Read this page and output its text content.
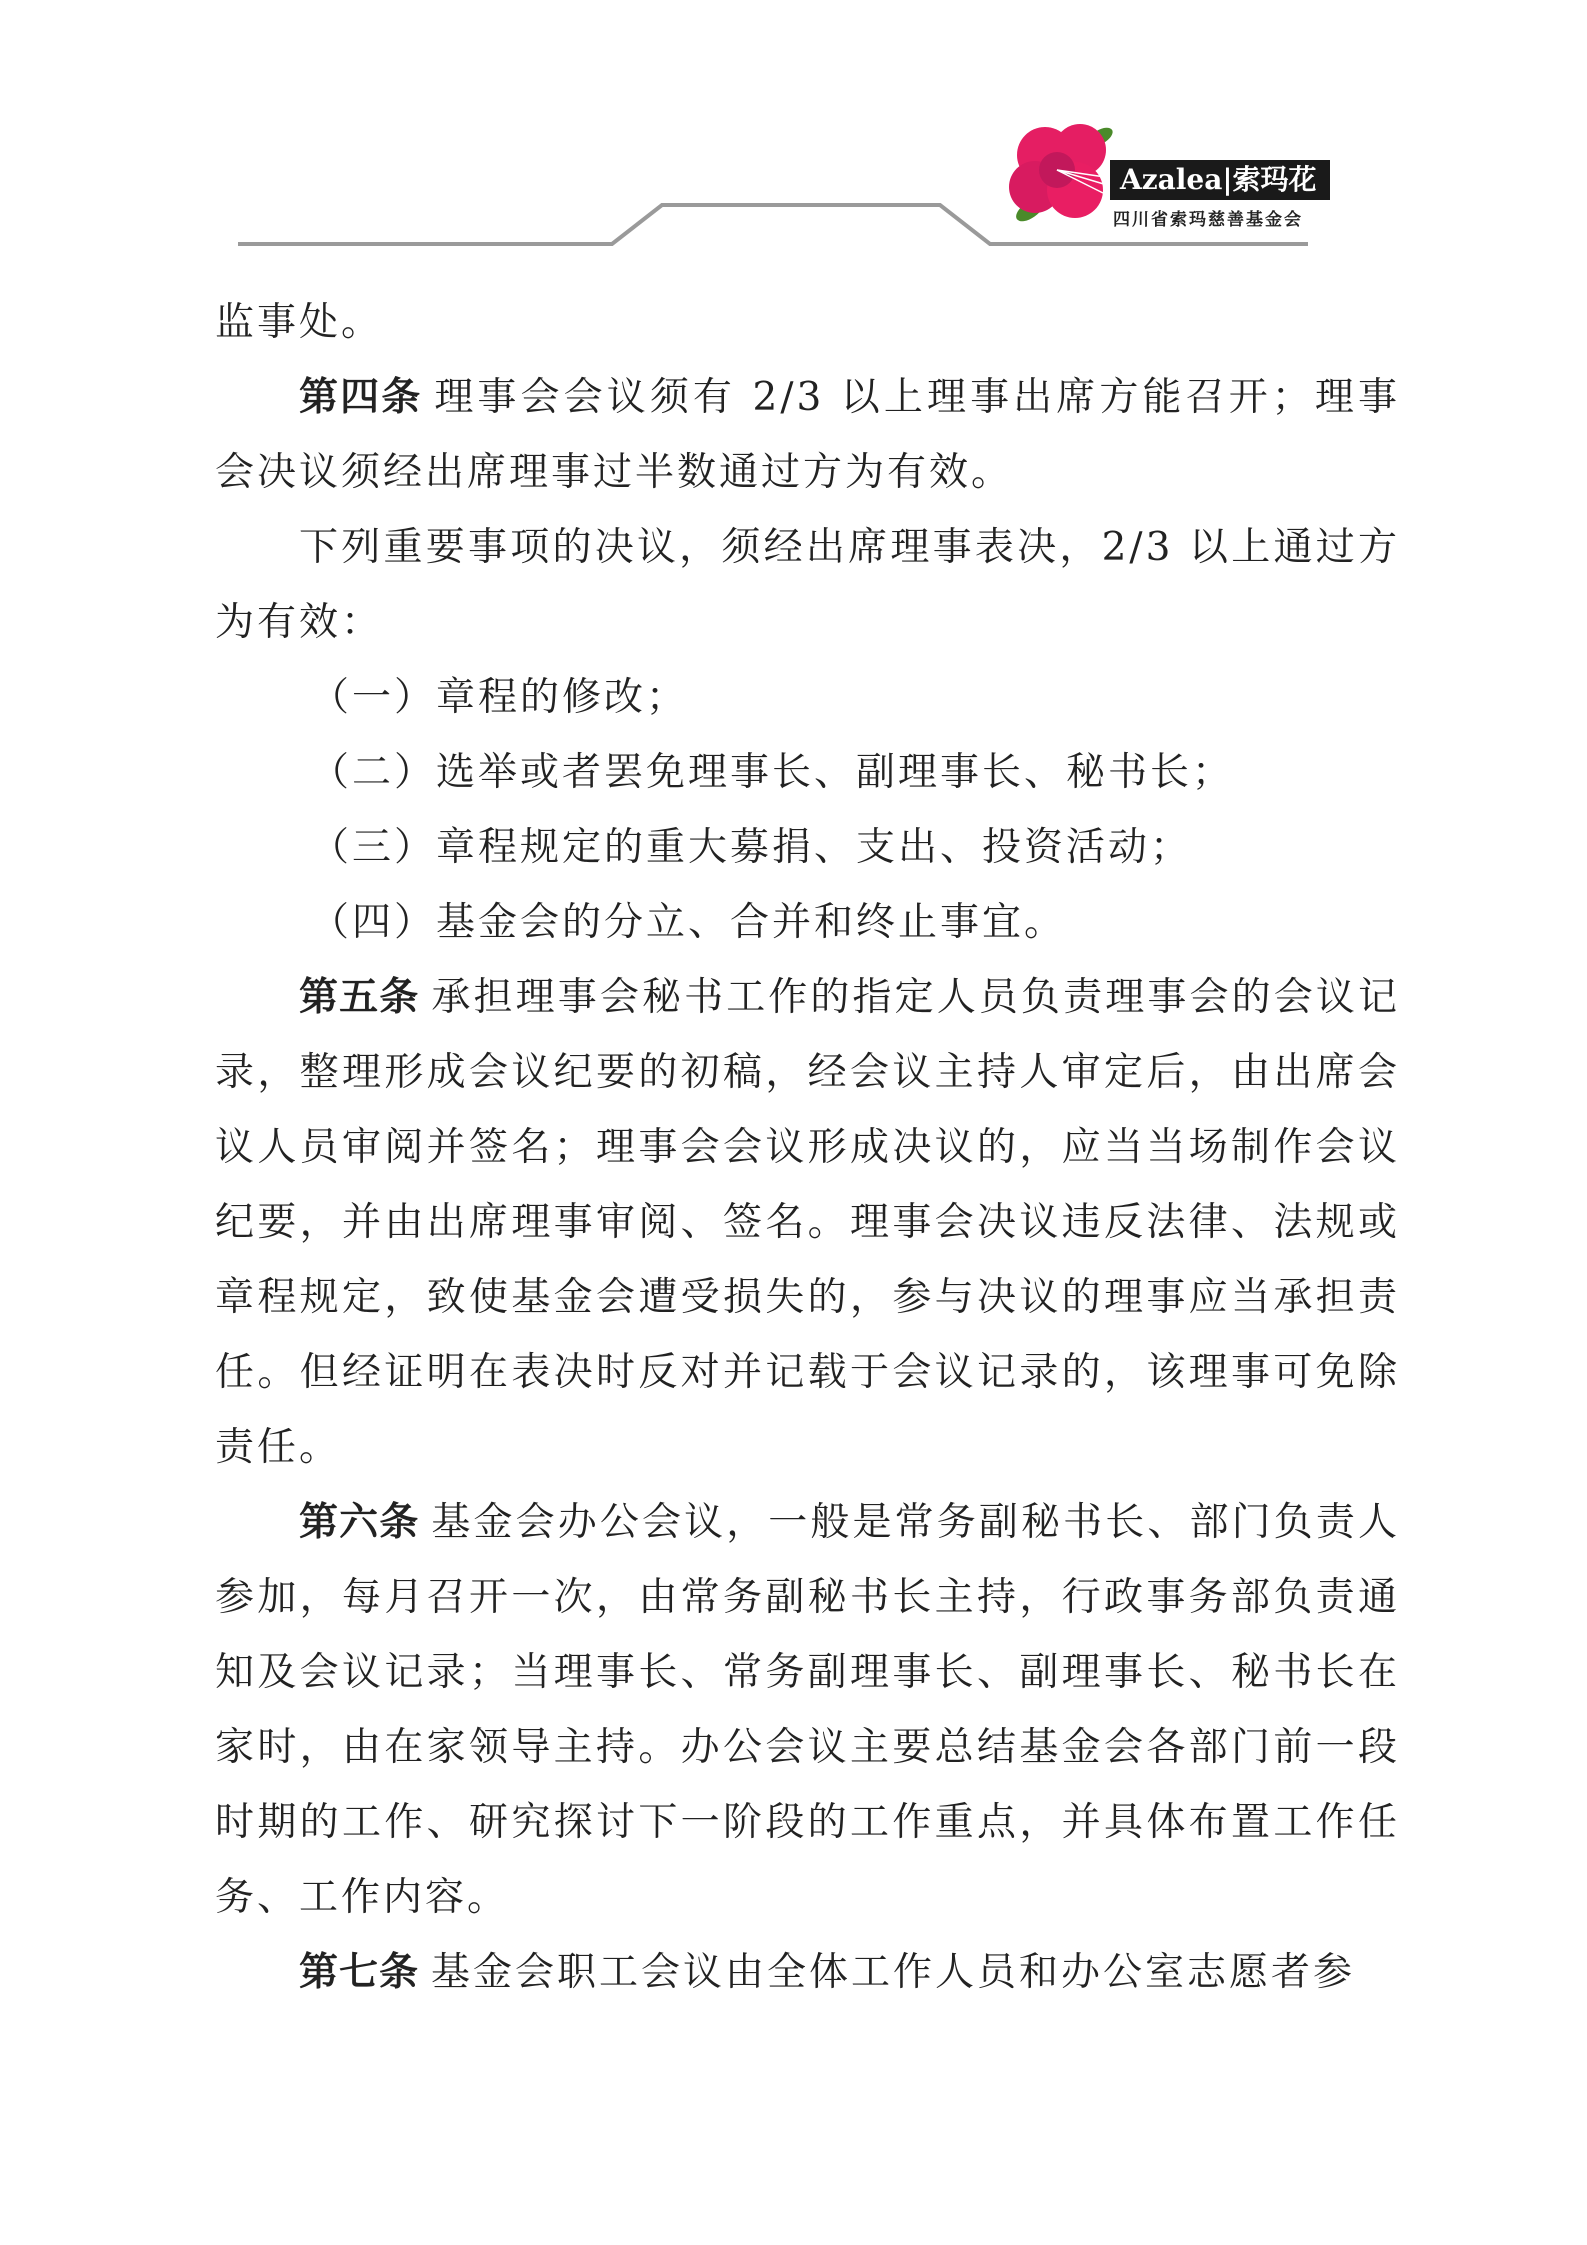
Azalea|索玛花
四川省索玛慈善基金会

监事处。

第四条 理事会会议须有 2/3 以上理事出席方能召开；理事会决议须经出席理事过半数通过方为有效。

下列重要事项的决议，须经出席理事表决，2/3 以上通过方为有效：

（一）章程的修改；

（二）选举或者罢免理事长、副理事长、秘书长；

（三）章程规定的重大募捐、支出、投资活动；

（四）基金会的分立、合并和终止事宜。

第五条 承担理事会秘书工作的指定人员负责理事会的会议记录，整理形成会议纪要的初稿，经会议主持人审定后，由出席会议人员审阅并签名；理事会会议形成决议的，应当当场制作会议纪要，并由出席理事审阅、签名。理事会决议违反法律、法规或章程规定，致使基金会遭受损失的，参与决议的理事应当承担责任。但经证明在表决时反对并记载于会议记录的，该理事可免除责任。

第六条 基金会办公会议，一般是常务副秘书长、部门负责人参加，每月召开一次，由常务副秘书长主持，行政事务部负责通知及会议记录；当理事长、常务副理事长、副理事长、秘书长在家时，由在家领导主持。办公会议主要总结基金会各部门前一段时期的工作、研究探讨下一阶段的工作重点，并具体布置工作任务、工作内容。

第七条 基金会职工会议由全体工作人员和办公室志愿者参
